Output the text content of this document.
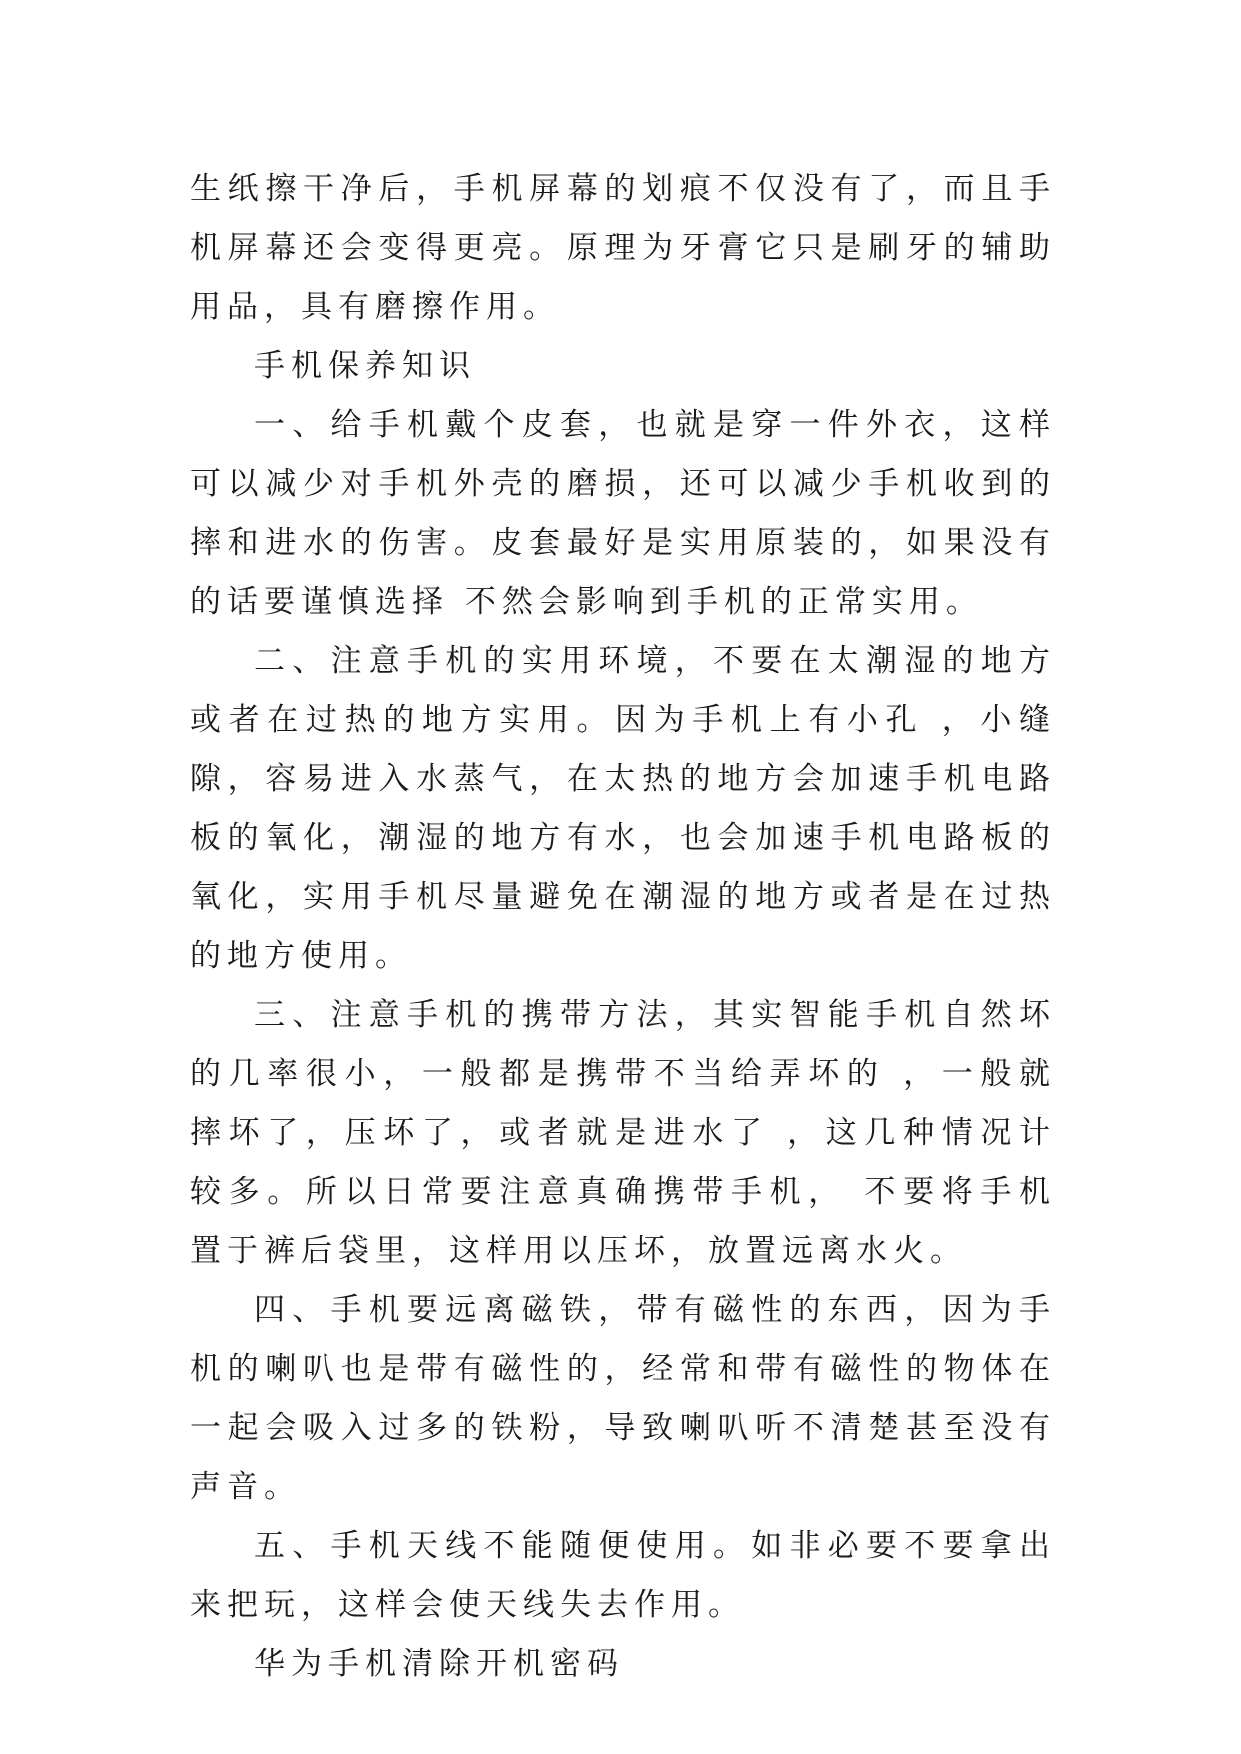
生纸擦干净后，手机屏幕的划痕不仅没有了，而且手机屏幕还会变得更亮。原理为牙膏它只是刷牙的辅助用品，具有磨擦作用。

手机保养知识

一、给手机戴个皮套，也就是穿一件外衣，这样可以减少对手机外壳的磨损，还可以减少手机收到的摔和进水的伤害。皮套最好是实用原装的，如果没有的话要谨慎选择 不然会影响到手机的正常实用。

二、注意手机的实用环境，不要在太潮湿的地方或者在过热的地方实用。因为手机上有小孔 ，小缝隙，容易进入水蒸气，在太热的地方会加速手机电路板的氧化，潮湿的地方有水，也会加速手机电路板的氧化，实用手机尽量避免在潮湿的地方或者是在过热的地方使用。

三、注意手机的携带方法，其实智能手机自然坏的几率很小，一般都是携带不当给弄坏的 ，一般就摔坏了，压坏了，或者就是进水了 ，这几种情况计较多。所以日常要注意真确携带手机， 不要将手机置于裤后袋里，这样用以压坏，放置远离水火。

四、手机要远离磁铁，带有磁性的东西，因为手机的喇叭也是带有磁性的，经常和带有磁性的物体在一起会吸入过多的铁粉，导致喇叭听不清楚甚至没有声音。

五、手机天线不能随便使用。如非必要不要拿出来把玩，这样会使天线失去作用。

华为手机清除开机密码
